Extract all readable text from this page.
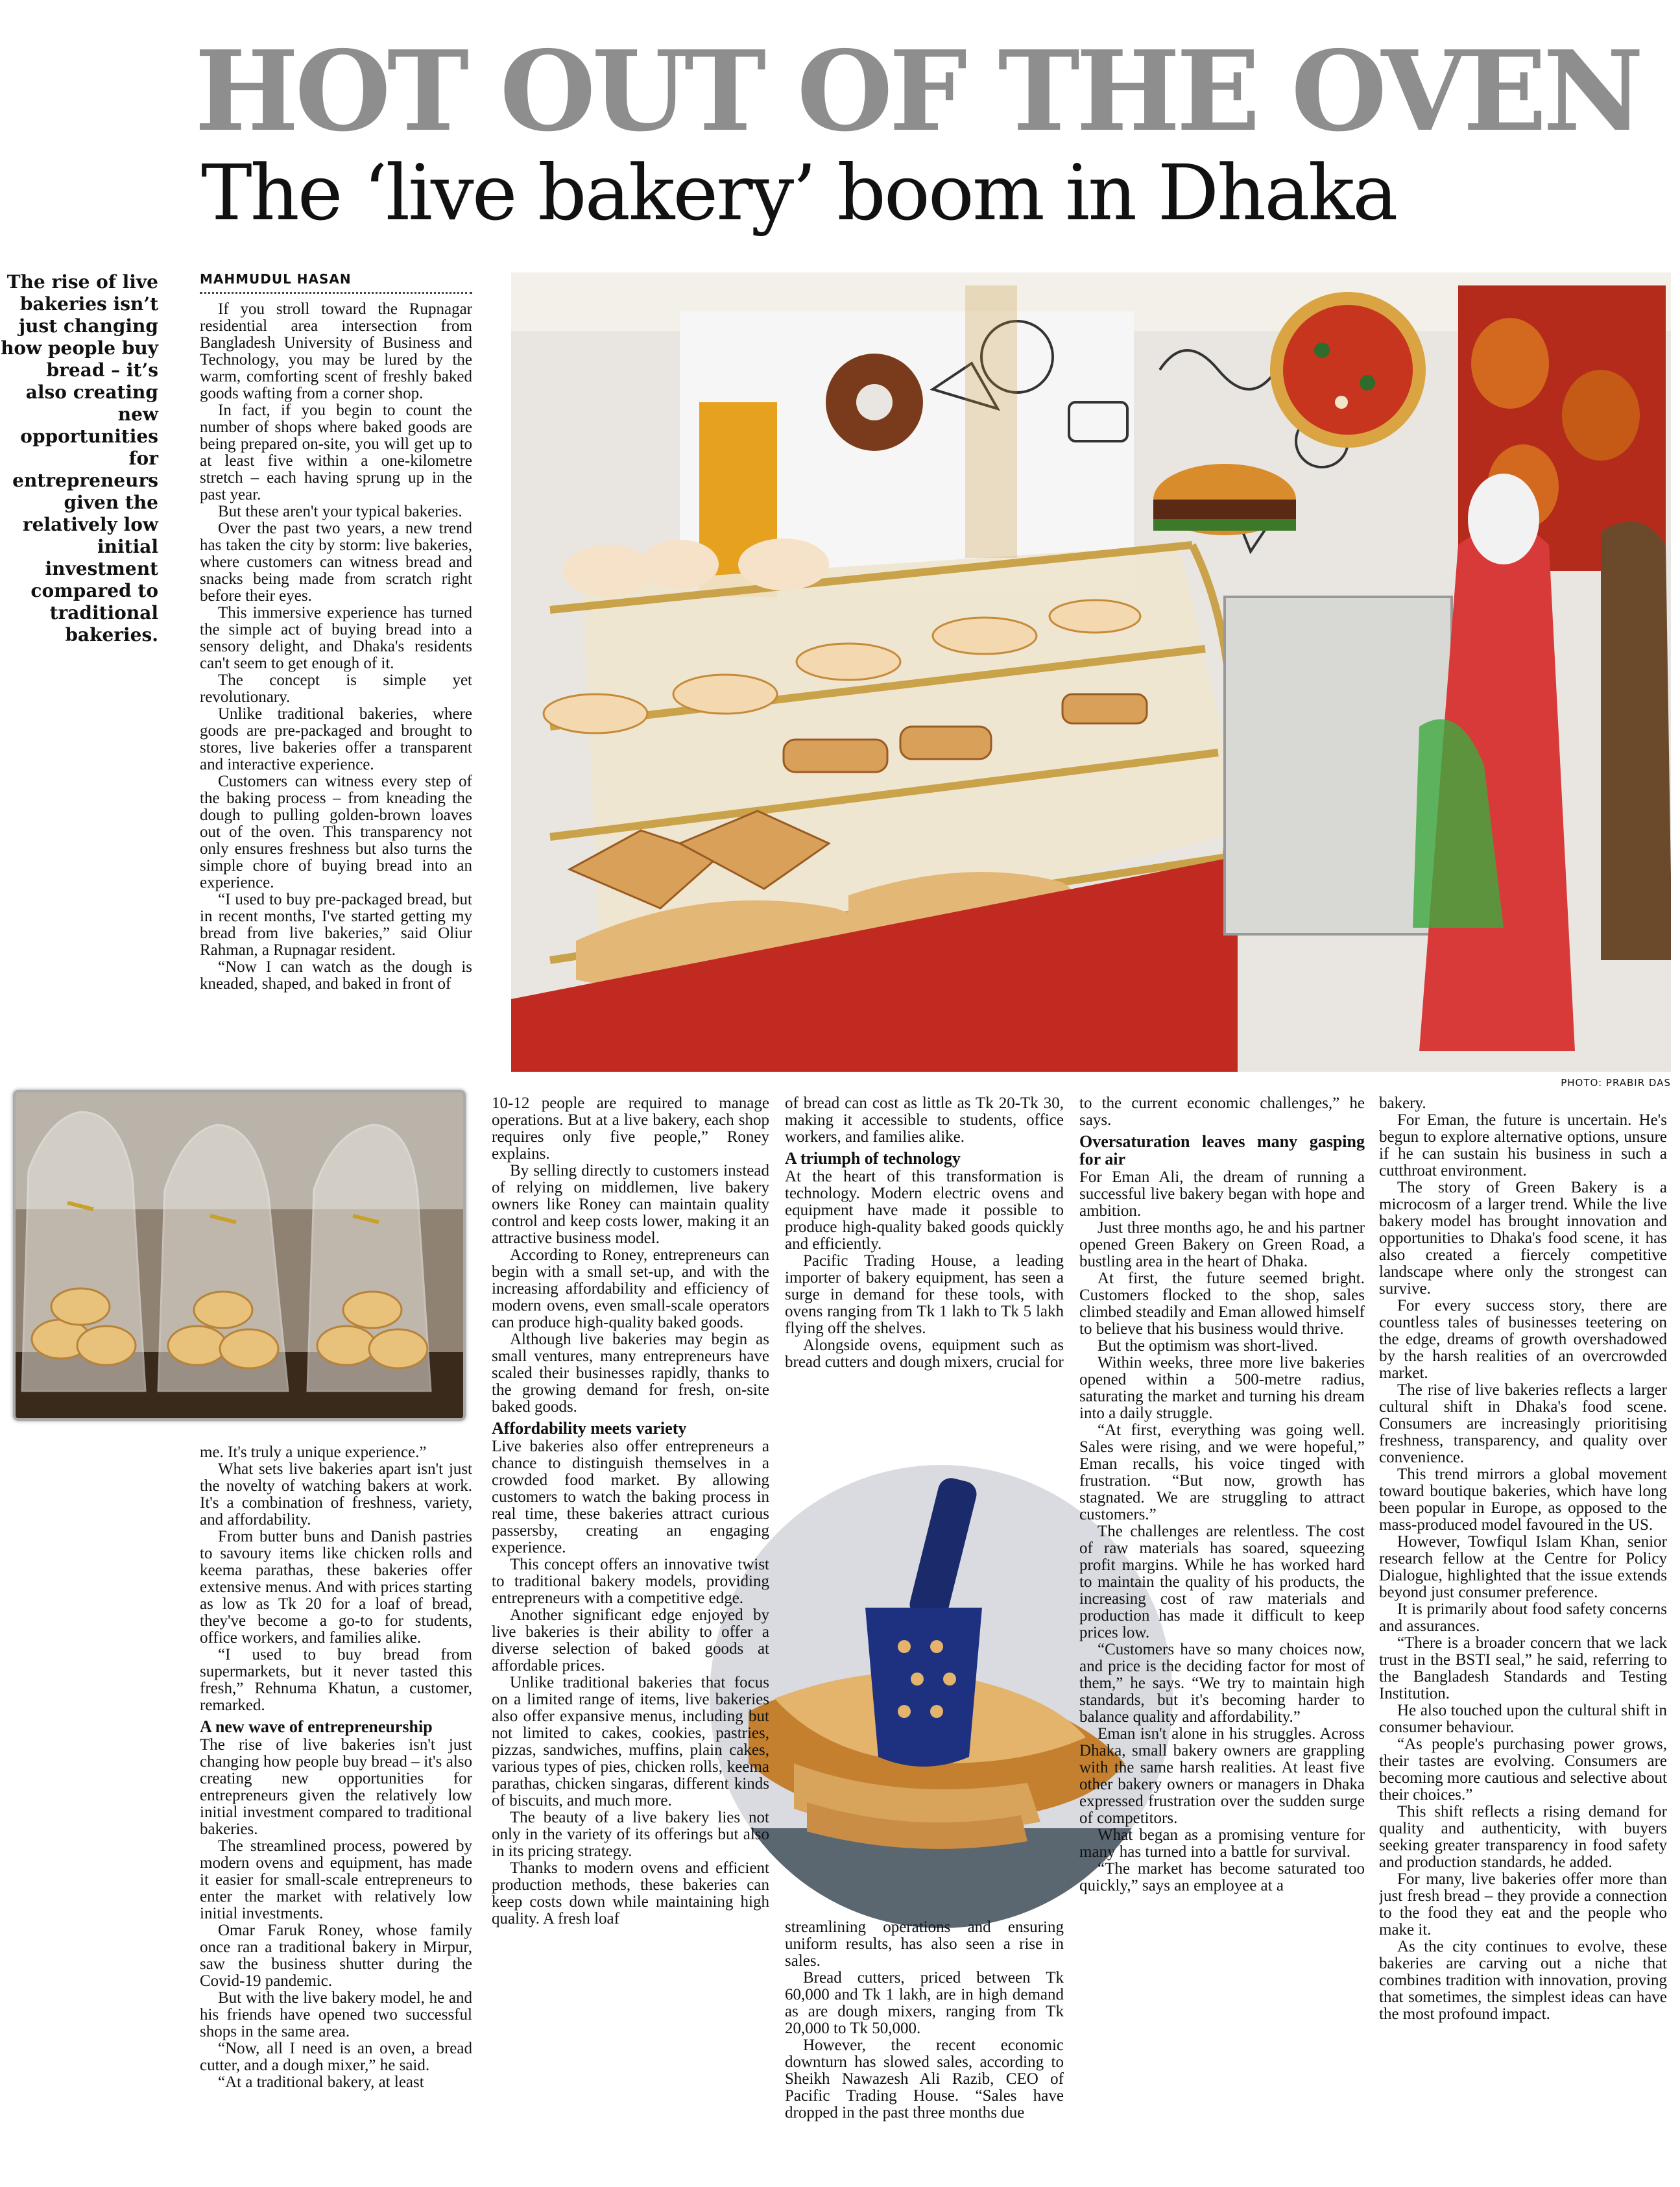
HOT OUT OF THE OVEN
The ‘live bakery’ boom in Dhaka
The rise of live bakeries isn’t just changing how people buy bread – it’s also creating new opportunities for entrepreneurs given the relatively low initial investment compared to traditional bakeries.
MAHMUDUL HASAN
PHOTO: PRABIR DAS

If you stroll toward the Rupnagar residential area intersection from Bangladesh University of Business and Technology, you may be lured by the warm, comforting scent of freshly baked goods wafting from a corner shop.

In fact, if you begin to count the number of shops where baked goods are being prepared on-site, you will get up to at least five within a one-kilometre stretch – each having sprung up in the past year.

But these aren't your typical bakeries.

Over the past two years, a new trend has taken the city by storm: live bakeries, where customers can witness bread and snacks being made from scratch right before their eyes.

This immersive experience has turned the simple act of buying bread into a sensory delight, and Dhaka's residents can't seem to get enough of it.

The concept is simple yet revolutionary.

Unlike traditional bakeries, where goods are pre-packaged and brought to stores, live bakeries offer a transparent and interactive experience.

Customers can witness every step of the baking process – from kneading the dough to pulling golden-brown loaves out of the oven. This transparency not only ensures freshness but also turns the simple chore of buying bread into an experience.

“I used to buy pre-packaged bread, but in recent months, I've started getting my bread from live bakeries,” said Oliur Rahman, a Rupnagar resident.

“Now I can watch as the dough is kneaded, shaped, and baked in front of

me. It's truly a unique experience.”

What sets live bakeries apart isn't just the novelty of watching bakers at work. It's a combination of freshness, variety, and affordability.

From butter buns and Danish pastries to savoury items like chicken rolls and keema parathas, these bakeries offer extensive menus. And with prices starting as low as Tk 20 for a loaf of bread, they've become a go-to for students, office workers, and families alike.

“I used to buy bread from supermarkets, but it never tasted this fresh,” Rehnuma Khatun, a customer, remarked.

A new wave of entrepreneurship

The rise of live bakeries isn't just changing how people buy bread – it's also creating new opportunities for entrepreneurs given the relatively low initial investment compared to traditional bakeries.

The streamlined process, powered by modern ovens and equipment, has made it easier for small-scale entrepreneurs to enter the market with relatively low initial investments.

Omar Faruk Roney, whose family once ran a traditional bakery in Mirpur, saw the business shutter during the Covid-19 pandemic.

But with the live bakery model, he and his friends have opened two successful shops in the same area.

“Now, all I need is an oven, a bread cutter, and a dough mixer,” he said.

“At a traditional bakery, at least

10-12 people are required to manage operations. But at a live bakery, each shop requires only five people,” Roney explains.

By selling directly to customers instead of relying on middlemen, live bakery owners like Roney can maintain quality control and keep costs lower, making it an attractive business model.

According to Roney, entrepreneurs can begin with a small set-up, and with the increasing affordability and efficiency of modern ovens, even small-scale operators can produce high-quality baked goods.

Although live bakeries may begin as small ventures, many entrepreneurs have scaled their businesses rapidly, thanks to the growing demand for fresh, on-site baked goods.

Affordability meets variety

Live bakeries also offer entrepreneurs a chance to distinguish themselves in a crowded food market. By allowing customers to watch the baking process in real time, these bakeries attract curious passersby, creating an engaging experience.

This concept offers an innovative twist to traditional bakery models, providing entrepreneurs with a competitive edge.

Another significant edge enjoyed by live bakeries is their ability to offer a diverse selection of baked goods at affordable prices.

Unlike traditional bakeries that focus on a limited range of items, live bakeries also offer expansive menus, including but not limited to cakes, cookies, pastries, pizzas, sandwiches, muffins, plain cakes, various types of pies, chicken rolls, keema parathas, chicken singaras, different kinds of biscuits, and much more.

The beauty of a live bakery lies not only in the variety of its offerings but also in its pricing strategy.

Thanks to modern ovens and efficient production methods, these bakeries can keep costs down while maintaining high quality. A fresh loaf

of bread can cost as little as Tk 20-Tk 30, making it accessible to students, office workers, and families alike.

A triumph of technology

At the heart of this transformation is technology. Modern electric ovens and equipment have made it possible to produce high-quality baked goods quickly and efficiently.

Pacific Trading House, a leading importer of bakery equipment, has seen a surge in demand for these tools, with ovens ranging from Tk 1 lakh to Tk 5 lakh flying off the shelves.

Alongside ovens, equipment such as bread cutters and dough mixers, crucial for

streamlining operations and ensuring uniform results, has also seen a rise in sales.

Bread cutters, priced between Tk 60,000 and Tk 1 lakh, are in high demand as are dough mixers, ranging from Tk 20,000 to Tk 50,000.

However, the recent economic downturn has slowed sales, according to Sheikh Nawazesh Ali Razib, CEO of Pacific Trading House. “Sales have dropped in the past three months due

to the current economic challenges,” he says.

Oversaturation leaves many gasping for air

For Eman Ali, the dream of running a successful live bakery began with hope and ambition.

Just three months ago, he and his partner opened Green Bakery on Green Road, a bustling area in the heart of Dhaka.

At first, the future seemed bright. Customers flocked to the shop, sales climbed steadily and Eman allowed himself to believe that his business would thrive.

But the optimism was short-lived.

Within weeks, three more live bakeries opened within a 500-metre radius, saturating the market and turning his dream into a daily struggle.

“At first, everything was going well. Sales were rising, and we were hopeful,” Eman recalls, his voice tinged with frustration. “But now, growth has stagnated. We are struggling to attract customers.”

The challenges are relentless. The cost of raw materials has soared, squeezing profit margins. While he has worked hard to maintain the quality of his products, the increasing cost of raw materials and production has made it difficult to keep prices low.

“Customers have so many choices now, and price is the deciding factor for most of them,” he says. “We try to maintain high standards, but it's becoming harder to balance quality and affordability.”

Eman isn't alone in his struggles. Across Dhaka, small bakery owners are grappling with the same harsh realities. At least five other bakery owners or managers in Dhaka expressed frustration over the sudden surge of competitors.

What began as a promising venture for many has turned into a battle for survival.

“The market has become saturated too quickly,” says an employee at a

bakery.

For Eman, the future is uncertain. He's begun to explore alternative options, unsure if he can sustain his business in such a cutthroat environment.

The story of Green Bakery is a microcosm of a larger trend. While the live bakery model has brought innovation and opportunities to Dhaka's food scene, it has also created a fiercely competitive landscape where only the strongest can survive.

For every success story, there are countless tales of businesses teetering on the edge, dreams of growth overshadowed by the harsh realities of an overcrowded market.

The rise of live bakeries reflects a larger cultural shift in Dhaka's food scene. Consumers are increasingly prioritising freshness, transparency, and quality over convenience.

This trend mirrors a global movement toward boutique bakeries, which have long been popular in Europe, as opposed to the mass-produced model favoured in the US.

However, Towfiqul Islam Khan, senior research fellow at the Centre for Policy Dialogue, highlighted that the issue extends beyond just consumer preference.

It is primarily about food safety concerns and assurances.

“There is a broader concern that we lack trust in the BSTI seal,” he said, referring to the Bangladesh Standards and Testing Institution.

He also touched upon the cultural shift in consumer behaviour.

“As people's purchasing power grows, their tastes are evolving. Consumers are becoming more cautious and selective about their choices.”

This shift reflects a rising demand for quality and authenticity, with buyers seeking greater transparency in food safety and production standards, he added.

For many, live bakeries offer more than just fresh bread – they provide a connection to the food they eat and the people who make it.

As the city continues to evolve, these bakeries are carving out a niche that combines tradition with innovation, proving that sometimes, the simplest ideas can have the most profound impact.
